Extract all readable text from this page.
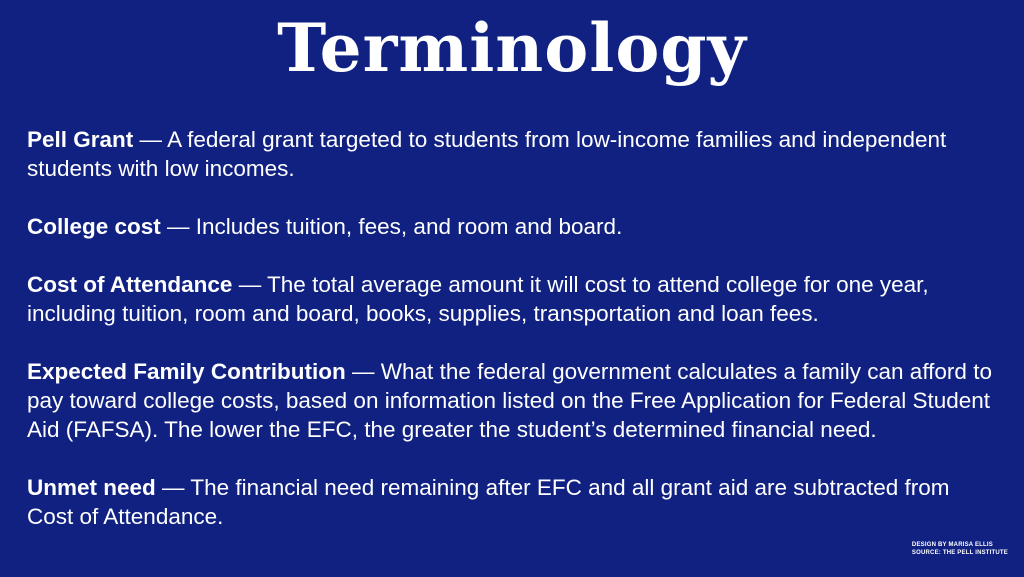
Terminology

Pell Grant — A federal grant targeted to students from low-income families and independent students with low incomes.

College cost — Includes tuition, fees, and room and board.

Cost of Attendance — The total average amount it will cost to attend college for one year, including tuition, room and board, books, supplies, transportation and loan fees.

Expected Family Contribution — What the federal government calculates a family can afford to pay toward college costs, based on information listed on the Free Application for Federal Student Aid (FAFSA). The lower the EFC, the greater the student’s determined financial need.

Unmet need — The financial need remaining after EFC and all grant aid are subtracted from Cost of Attendance.

DESIGN BY MARISA ELLIS
SOURCE: THE PELL INSTITUTE
